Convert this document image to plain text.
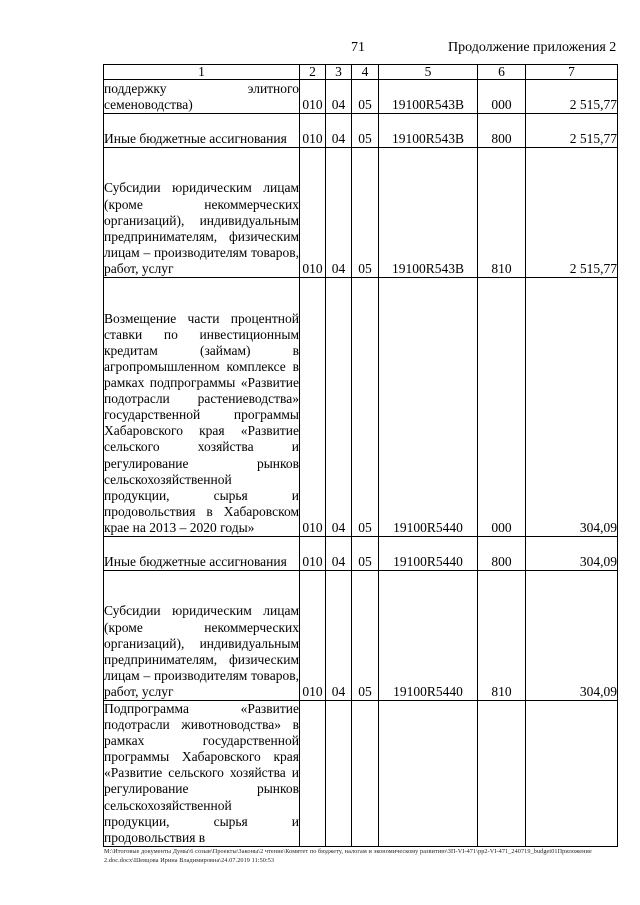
71	Продолжение приложения 2
1	2	3	4	5	6	7
поддержку элитного семеноводства)	010	04	05	19100R543B	000	2 515,77
Иные бюджетные ассигнования	010	04	05	19100R543B	800	2 515,77
Субсидии юридическим лицам (кроме некоммерческих организаций), индивидуальным предпринимателям, физическим лицам – производителям товаров, работ, услуг	010	04	05	19100R543B	810	2 515,77
Возмещение части процентной ставки по инвестиционным кредитам (займам) в агропромышленном комплексе в рамках подпрограммы «Развитие подотрасли растениеводства» государственной программы Хабаровского края «Развитие сельского хозяйства и регулирование рынков сельскохозяйственной продукции, сырья и продовольствия в Хабаровском крае на 2013 – 2020 годы»	010	04	05	19100R5440	000	304,09
Иные бюджетные ассигнования	010	04	05	19100R5440	800	304,09
Субсидии юридическим лицам (кроме некоммерческих организаций), индивидуальным предпринимателям, физическим лицам – производителям товаров, работ, услуг	010	04	05	19100R5440	810	304,09
Подпрограмма «Развитие подотрасли животноводства» в рамках государственной программы Хабаровского края «Развитие сельского хозяйства и регулирование рынков сельскохозяйственной продукции, сырья и продовольствия в						
М:\Итоговые документы Думы\6 созыв\Проекты\Законы\2 чтение\Комитет по бюджету, налогам и экономическому развитию\ЗП-VI-471\рр2-VI-471_240719_budget01Приложение 2.doc.docx\Шевцова Ирина Владимировна\24.07.2019 11:50:53
